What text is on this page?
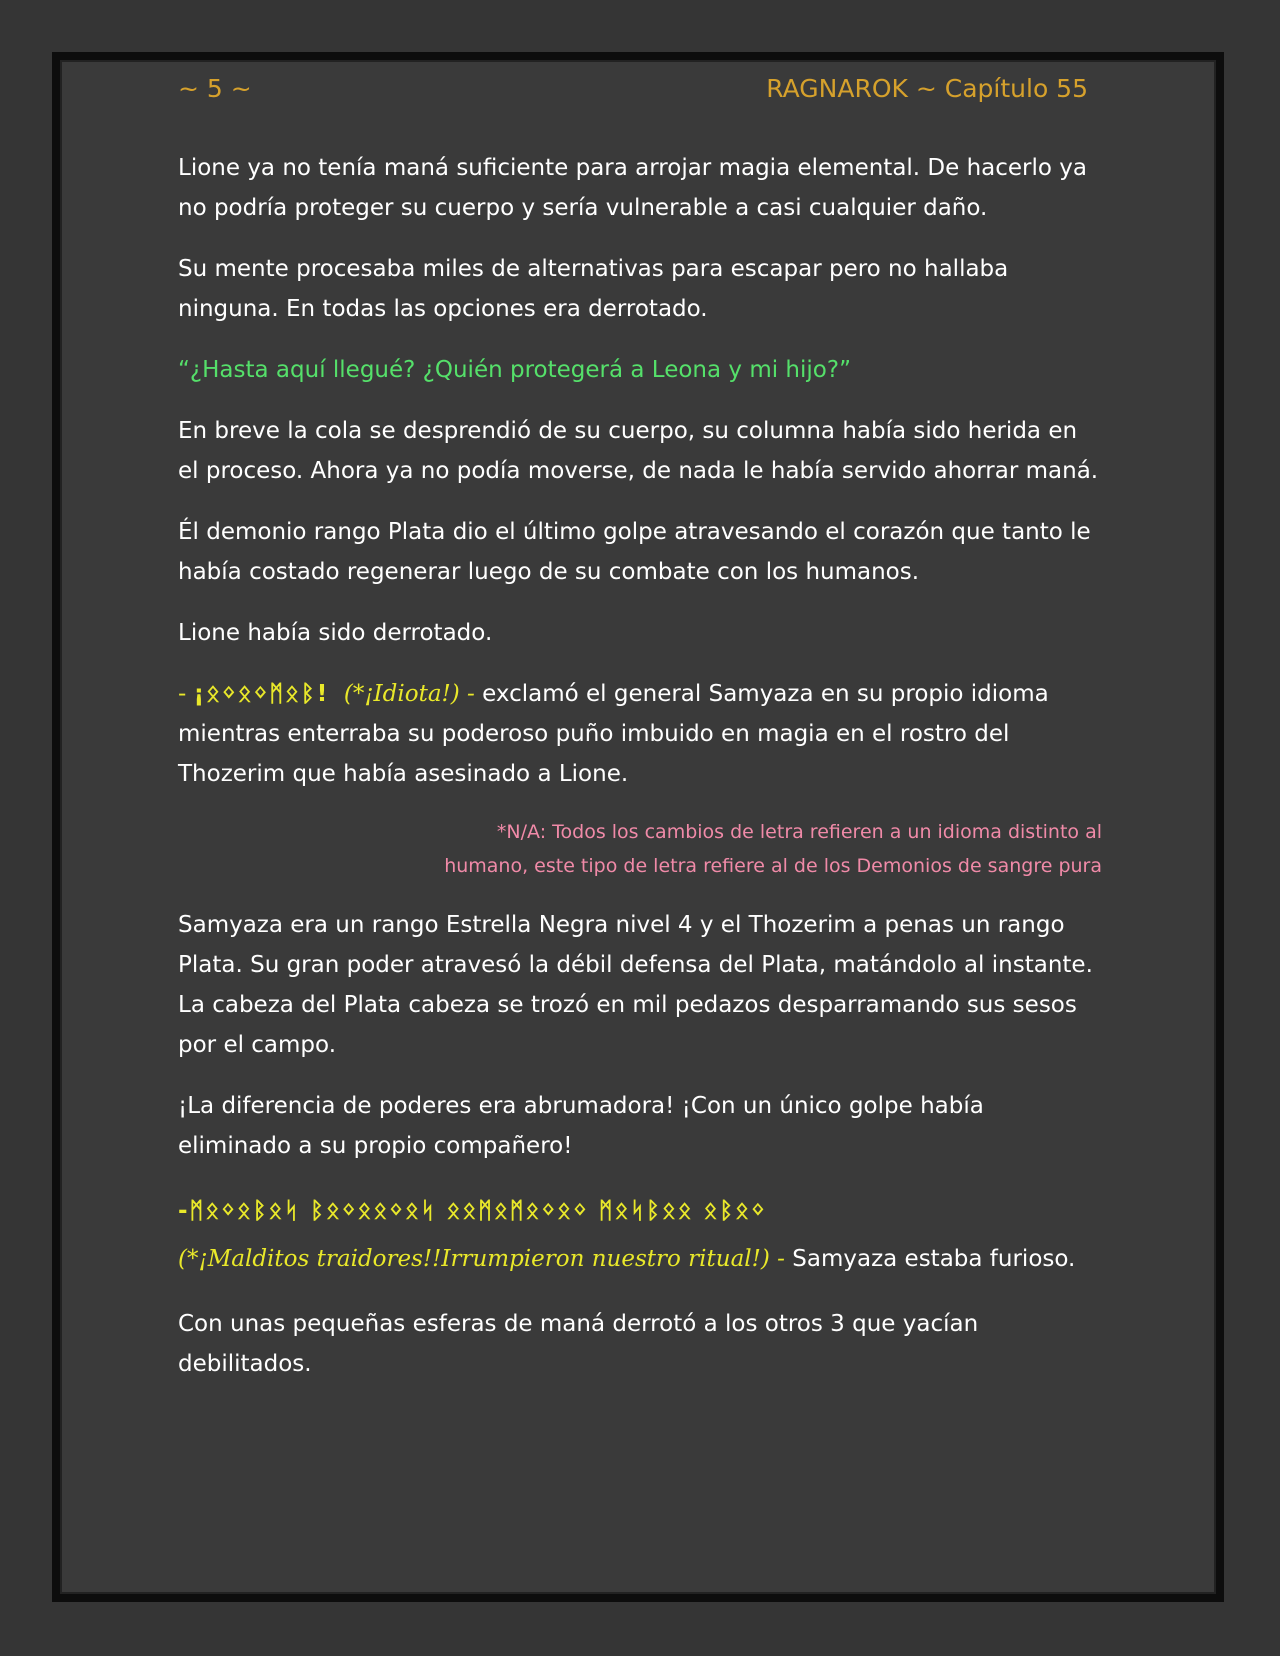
~ 5 ~	RAGNAROK ~ Capítulo 55

Lione ya no tenía maná suficiente para arrojar magia elemental. De hacerlo ya no podría proteger su cuerpo y sería vulnerable a casi cualquier daño.

Su mente procesaba miles de alternativas para escapar pero no hallaba ninguna. En todas las opciones era derrotado.

“¿Hasta aquí llegué? ¿Quién protegerá a Leona y mi hijo?”

En breve la cola se desprendió de su cuerpo, su columna había sido herida en el proceso. Ahora ya no podía moverse, de nada le había servido ahorrar maná.

Él demonio rango Plata dio el último golpe atravesando el corazón que tanto le había costado regenerar luego de su combate con los humanos.

Lione había sido derrotado.

- ¡ᛟᛜᛟᛜᛗᛟᛒ! (*¡Idiota!) - exclamó el general Samyaza en su propio idioma mientras enterraba su poderoso puño imbuido en magia en el rostro del Thozerim que había asesinado a Lione.

*N/A: Todos los cambios de letra refieren a un idioma distinto al
humano, este tipo de letra refiere al de los Demonios de sangre pura

Samyaza era un rango Estrella Negra nivel 4 y el Thozerim a penas un rango Plata. Su gran poder atravesó la débil defensa del Plata, matándolo al instante. La cabeza del Plata cabeza se trozó en mil pedazos desparramando sus sesos por el campo.

¡La diferencia de poderes era abrumadora! ¡Con un único golpe había eliminado a su propio compañero!

-ᛗᛟᛜᛟᛒᛟᛋ ᛒᛟᛜᛟᛟᛜᛟᛋ ᛟᛟᛗᛟᛗᛟᛜᛟᛜ ᛗᛟᛋᛒᛟᛟ ᛟᛒᛟᛜ
(*¡Malditos traidores!!Irrumpieron nuestro ritual!) - Samyaza estaba furioso.

Con unas pequeñas esferas de maná derrotó a los otros 3 que yacían debilitados.
